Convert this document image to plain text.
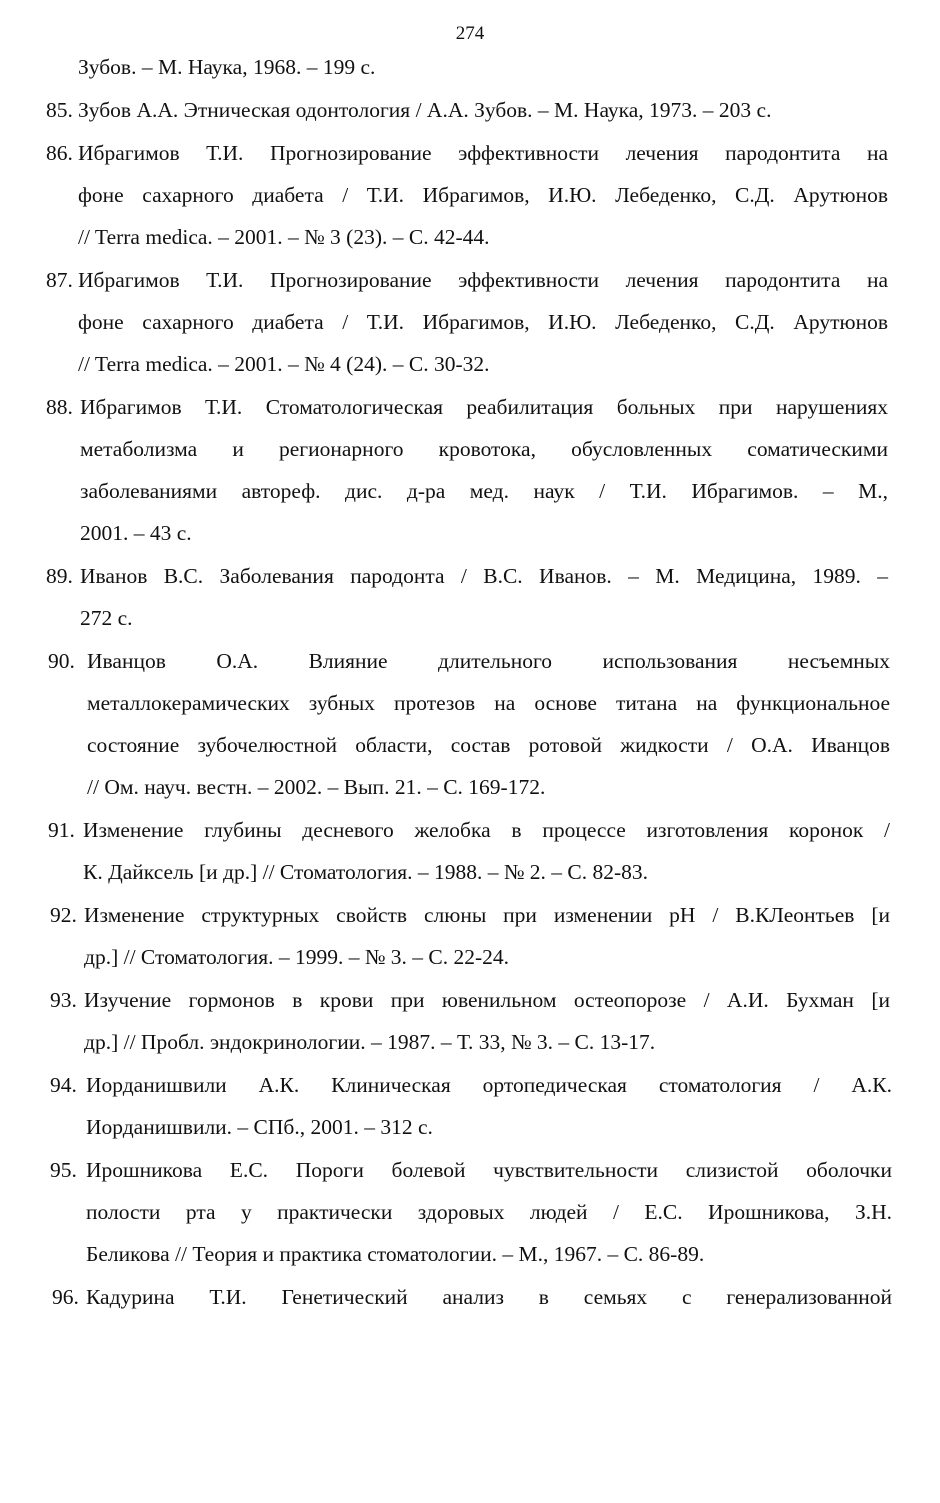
274
Зубов. – М. Наука, 1968. – 199 с.
85. Зубов А.А. Этническая одонтология / А.А. Зубов. – М. Наука, 1973. – 203 с.
86. Ибрагимов Т.И. Прогнозирование эффективности лечения пародонтита на
фоне сахарного диабета / Т.И. Ибрагимов, И.Ю. Лебеденко, С.Д. Арутюнов
// Terra medica. – 2001. – № 3 (23). – С. 42-44.
87. Ибрагимов Т.И. Прогнозирование эффективности лечения пародонтита на
фоне сахарного диабета / Т.И. Ибрагимов, И.Ю. Лебеденко, С.Д. Арутюнов
// Terra medica. – 2001. – № 4 (24). – С. 30-32.
88. Ибрагимов Т.И. Стоматологическая реабилитация больных при нарушениях
метаболизма и регионарного кровотока, обусловленных соматическими
заболеваниями автореф. дис. д-ра мед. наук / Т.И. Ибрагимов. – М.,
2001. – 43 с.
89. Иванов В.С. Заболевания пародонта / В.С. Иванов. – М. Медицина, 1989. –
272 с.
90. Иванцов О.А. Влияние длительного использования несъемных
металлокерамических зубных протезов на основе титана на функциональное
состояние зубочелюстной области, состав ротовой жидкости / О.А. Иванцов
// Ом. науч. вестн. – 2002. – Вып. 21. – С. 169-172.
91. Изменение глубины десневого желобка в процессе изготовления коронок /
К. Дайксель [и др.] // Стоматология. – 1988. – № 2. – С. 82-83.
92. Изменение структурных свойств слюны при изменении pH / В.КЛеонтьев [и
др.] // Стоматология. – 1999. – № 3. – С. 22-24.
93. Изучение гормонов в крови при ювенильном остеопорозе / А.И. Бухман [и
др.] // Пробл. эндокринологии. – 1987. – Т. 33, № 3. – С. 13-17.
94. Иорданишвили А.К. Клиническая ортопедическая стоматология / А.К.
Иорданишвили. – СПб., 2001. – 312 с.
95. Ирошникова Е.С. Пороги болевой чувствительности слизистой оболочки
полости рта у практически здоровых людей / Е.С. Ирошникова, З.Н.
Беликова // Теория и практика стоматологии. – М., 1967. – С. 86-89.
96. Кадурина Т.И. Генетический анализ в семьях с генерализованной
